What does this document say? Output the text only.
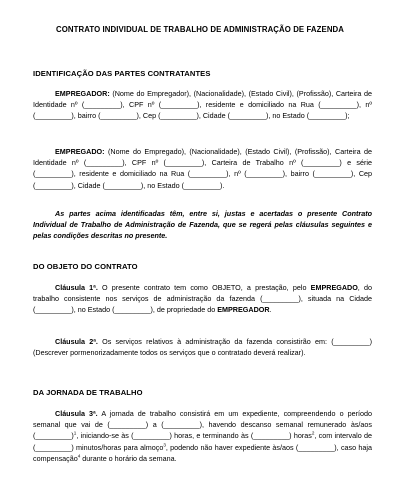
CONTRATO INDIVIDUAL DE TRABALHO DE ADMINISTRAÇÃO DE FAZENDA
IDENTIFICAÇÃO DAS PARTES CONTRATANTES

EMPREGADOR: (Nome do Empregador), (Nacionalidade), (Estado Civil), (Profissão), Carteira de Identidade nº (_________), CPF nº (_________), residente e domiciliado na Rua (_________), nº (_________), bairro (_________), Cep (_________), Cidade (_________), no Estado (_________);

EMPREGADO: (Nome do Empregado), (Nacionalidade), (Estado Civil), (Profissão), Carteira de Identidade nº (_________), CPF nº (_________), Carteira de Trabalho nº (_________) e série (_________), residente e domiciliado na Rua (_________), nº (_________), bairro (_________), Cep (_________), Cidade (_________), no Estado (_________).

As partes acima identificadas têm, entre si, justas e acertadas o presente Contrato Individual de Trabalho de Administração de Fazenda, que se regerá pelas cláusulas seguintes e pelas condições descritas no presente.

DO OBJETO DO CONTRATO

Cláusula 1ª. O presente contrato tem como OBJETO, a prestação, pelo EMPREGADO, do trabalho consistente nos serviços de administração da fazenda (_________), situada na Cidade (_________), no Estado (_________), de propriedade do EMPREGADOR.

Cláusula 2ª. Os serviços relativos à administração da fazenda consistirão em: (_________) (Descrever pormenorizadamente todos os serviços que o contratado deverá realizar).

DA JORNADA DE TRABALHO

Cláusula 3ª. A jornada de trabalho consistirá em um expediente, compreendendo o período semanal que vai de (_________) a (_________), havendo descanso semanal remunerado às/aos (_________)$^1$, iniciando-se às (_________) horas, e terminando às (_________) horas$^2$, com intervalo de (_________) minutos/horas para almoço$^3$, podendo não haver expediente às/aos (_________), caso haja compensação$^4$ durante o horário da semana.
